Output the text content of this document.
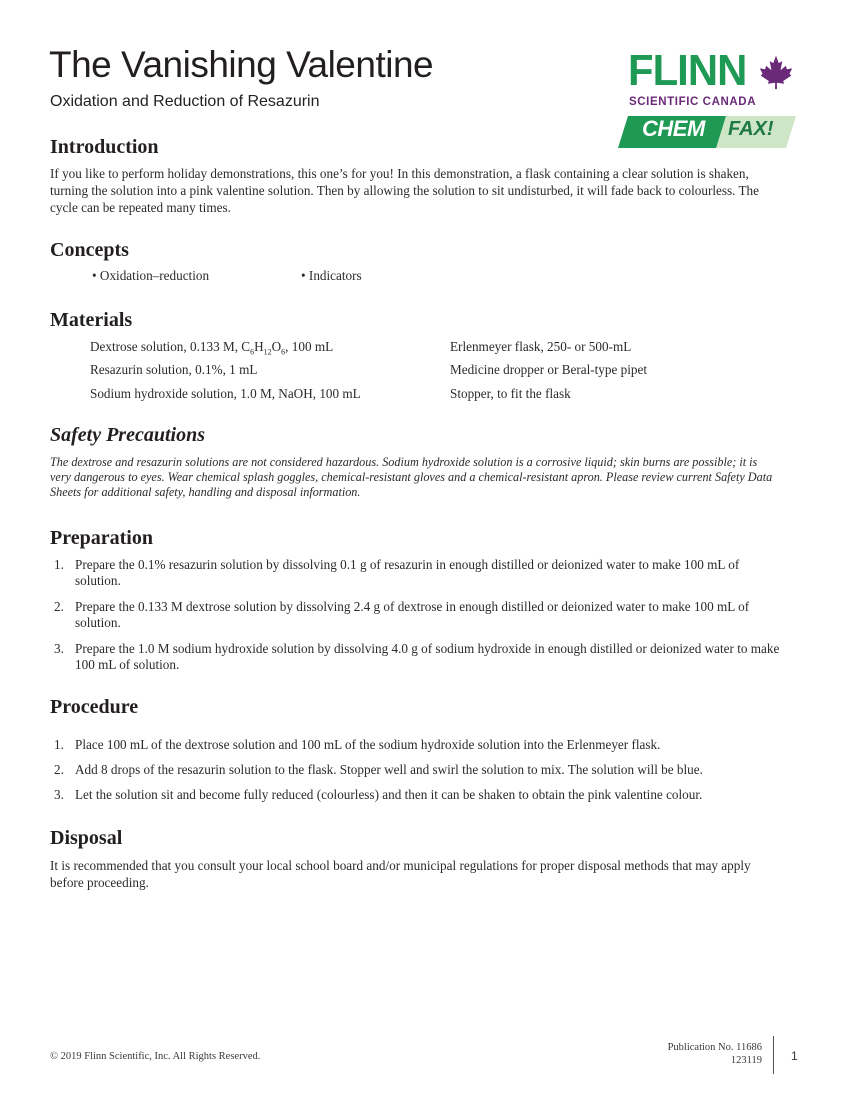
The Vanishing Valentine
Oxidation and Reduction of Resazurin
FLINN
SCIENTIFIC CANADA
CHEM FAX!
Introduction

If you like to perform holiday demonstrations, this one’s for you! In this demonstration, a flask containing a clear solution is shaken, turning the solution into a pink valentine solution. Then by allowing the solution to sit undisturbed, it will fade back to colourless. The cycle can be repeated many times.

Concepts
• Oxidation–reduction	• Indicators
Materials
Dextrose solution, 0.133 M, $C_6H_{12}O_6$, 100 mL
Resazurin solution, 0.1%, 1 mL
Sodium hydroxide solution, 1.0 M, NaOH, 100 mL
Erlenmeyer flask, 250- or 500-mL
Medicine dropper or Beral-type pipet
Stopper, to fit the flask
Safety Precautions

The dextrose and resazurin solutions are not considered hazardous. Sodium hydroxide solution is a corrosive liquid; skin burns are possible; it is very dangerous to eyes. Wear chemical splash goggles, chemical-resistant gloves and a chemical-resistant apron. Please review current Safety Data Sheets for additional safety, handling and disposal information.

Preparation
1. Prepare the 0.1% resazurin solution by dissolving 0.1 g of resazurin in enough distilled or deionized water to make 100 mL of solution.
2. Prepare the 0.133 M dextrose solution by dissolving 2.4 g of dextrose in enough distilled or deionized water to make 100 mL of solution.
3. Prepare the 1.0 M sodium hydroxide solution by dissolving 4.0 g of sodium hydroxide in enough distilled or deionized water to make 100 mL of solution.
Procedure
1. Place 100 mL of the dextrose solution and 100 mL of the sodium hydroxide solution into the Erlenmeyer flask.
2. Add 8 drops of the resazurin solution to the flask. Stopper well and swirl the solution to mix. The solution will be blue.
3. Let the solution sit and become fully reduced (colourless) and then it can be shaken to obtain the pink valentine colour.
Disposal

It is recommended that you consult your local school board and/or municipal regulations for proper disposal methods that may apply before proceeding.

© 2019 Flinn Scientific, Inc. All Rights Reserved.
Publication No. 11686
123119 1
